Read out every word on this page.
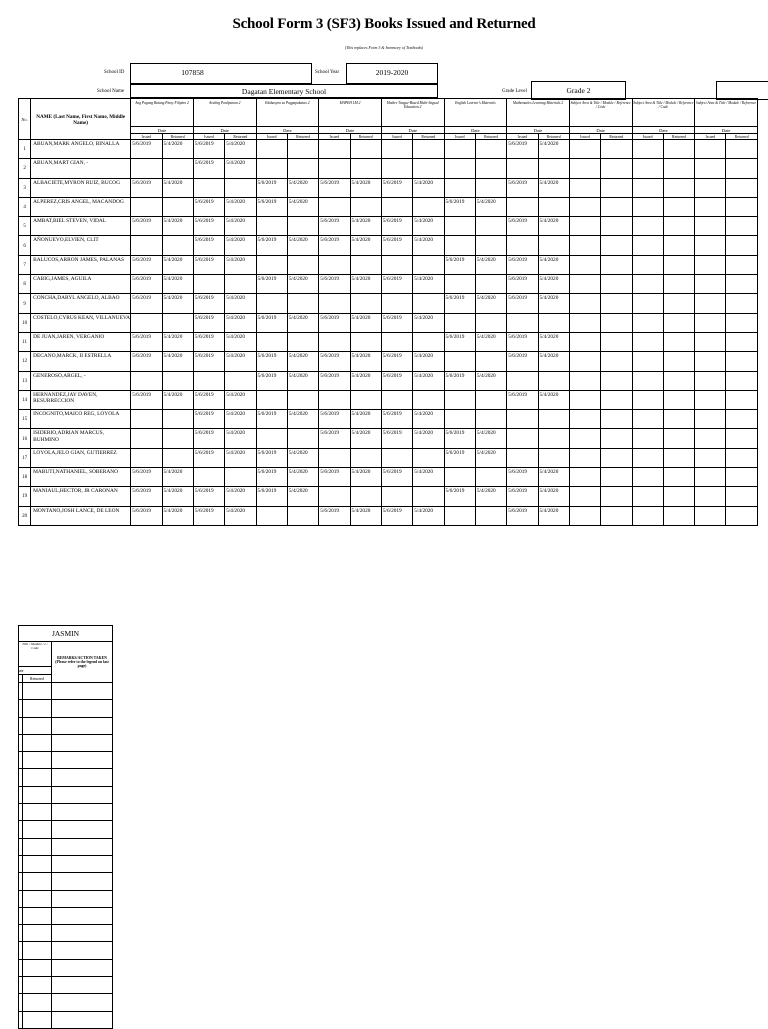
School Form 3 (SF3) Books Issued and Returned
(This replaces Form 3 & Inventory of Textbooks)
School ID	107858	School Year	2019-2020
School Name	Dagatan Elementary School	Grade Level	Grade 2
No.	NAME (Last Name, First Name, Middle Name)	Ang Pagong Batang Pinoy Filipino 2		Araling Panlipunan 2		Edukasyon sa Pagpapakatao 2		MAPEH LM 2		Mother Tongue-Based Multi-lingual Education 2		English Learner's Materials		Mathematics Learning Materials 2		Subject Area & Title / Module / Reference / Code		Subject Area & Title / Module / Reference / Code		Subject Area & Title / Module / Reference	
		Date		Date		Date		Date		Date		Date		Date		Date		Date		Date	
		Issued	Returned	Issued	Returned	Issued	Returned	Issued	Returned	Issued	Returned	Issued	Returned	Issued	Returned	Issued	Returned	Issued	Returned	Issued	Returned
1	ABUAN,MARK ANGELO, BINALLA	5/6/2019	5/4/2020	5/6/2019	5/4/2020									5/6/2019	5/4/2020						
2	ABUAN,MART GIAN, -			5/6/2019	5/4/2020																
3	ALBACIETE,MYRON RUIZ, BUCOG	5/6/2019	5/4/2020			5/6/2019	5/4/2020	5/6/2019	5/4/2020	5/6/2019	5/4/2020			5/6/2019	5/4/2020						
4	ALPEREZ,CRIS ANGEL, MACANDOG			5/6/2019	5/4/2020	5/6/2019	5/4/2020					5/6/2019	5/4/2020								
5	AMBAT,BIEL STEVEN, VIDAL	5/6/2019	5/4/2020	5/6/2019	5/4/2020			5/6/2019	5/4/2020	5/6/2019	5/4/2020			5/6/2019	5/4/2020						
6	AÑONUEVO,ELVIEN, CLIT			5/6/2019	5/4/2020	5/6/2019	5/4/2020	5/6/2019	5/4/2020	5/6/2019	5/4/2020										
7	BALUCOS,ARRON JAMES, PALANAS	5/6/2019	5/4/2020	5/6/2019	5/4/2020							5/6/2019	5/4/2020	5/6/2019	5/4/2020						
8	CABIG,JAMES, AGUILA	5/6/2019	5/4/2020			5/6/2019	5/4/2020	5/6/2019	5/4/2020	5/6/2019	5/4/2020			5/6/2019	5/4/2020						
9	CONCHA,DARYL ANGELO, ALBAO	5/6/2019	5/4/2020	5/6/2019	5/4/2020							5/6/2019	5/4/2020	5/6/2019	5/4/2020						
10	COSTELO,CYRUS KEAN, VILLANUEVA			5/6/2019	5/4/2020	5/6/2019	5/4/2020	5/6/2019	5/4/2020	5/6/2019	5/4/2020										
11	DE JUAN,JAREN, VERGANIO	5/6/2019	5/4/2020	5/6/2019	5/4/2020							5/6/2019	5/4/2020	5/6/2019	5/4/2020						
12	DECANO,MARCK, II ESTRELLA	5/6/2019	5/4/2020	5/6/2019	5/4/2020	5/6/2019	5/4/2020	5/6/2019	5/4/2020	5/6/2019	5/4/2020			5/6/2019	5/4/2020						
13	GENEROSO,ARGEL, -					5/6/2019	5/4/2020	5/6/2019	5/4/2020	5/6/2019	5/4/2020	5/6/2019	5/4/2020								
14	HERNANDEZ,JAY DAVEN, RESURRECCION	5/6/2019	5/4/2020	5/6/2019	5/4/2020									5/6/2019	5/4/2020						
15	INCOGNITO,MAICO REG, LOYOLA			5/6/2019	5/4/2020	5/6/2019	5/4/2020	5/6/2019	5/4/2020	5/6/2019	5/4/2020										
16	ISIDERIO,ADRIAN MARCUS, BUHMINO			5/6/2019	5/4/2020			5/6/2019	5/4/2020	5/6/2019	5/4/2020	5/6/2019	5/4/2020								
17	LOYOLA,JELO GIAN, GUTIERREZ			5/6/2019	5/4/2020	5/6/2019	5/4/2020					5/6/2019	5/4/2020								
18	MABUTI,NATHANIEL, SOBERANO	5/6/2019	5/4/2020			5/6/2019	5/4/2020	5/6/2019	5/4/2020	5/6/2019	5/4/2020			5/6/2019	5/4/2020						
19	MANIAUL,HECTOR, JR CARONAN	5/6/2019	5/4/2020	5/6/2019	5/4/2020	5/6/2019	5/4/2020					5/6/2019	5/4/2020	5/6/2019	5/4/2020						
20	MONTANO,JOSH LANCE, DE LEON	5/6/2019	5/4/2020	5/6/2019	5/4/2020			5/6/2019	5/4/2020	5/6/2019	5/4/2020			5/6/2019	5/4/2020						
JASMIN		
Title / Module / e / Code		REMARKS/ACTION TAKEN (Please refer to the legend on last page)
ate		
	Returned	
